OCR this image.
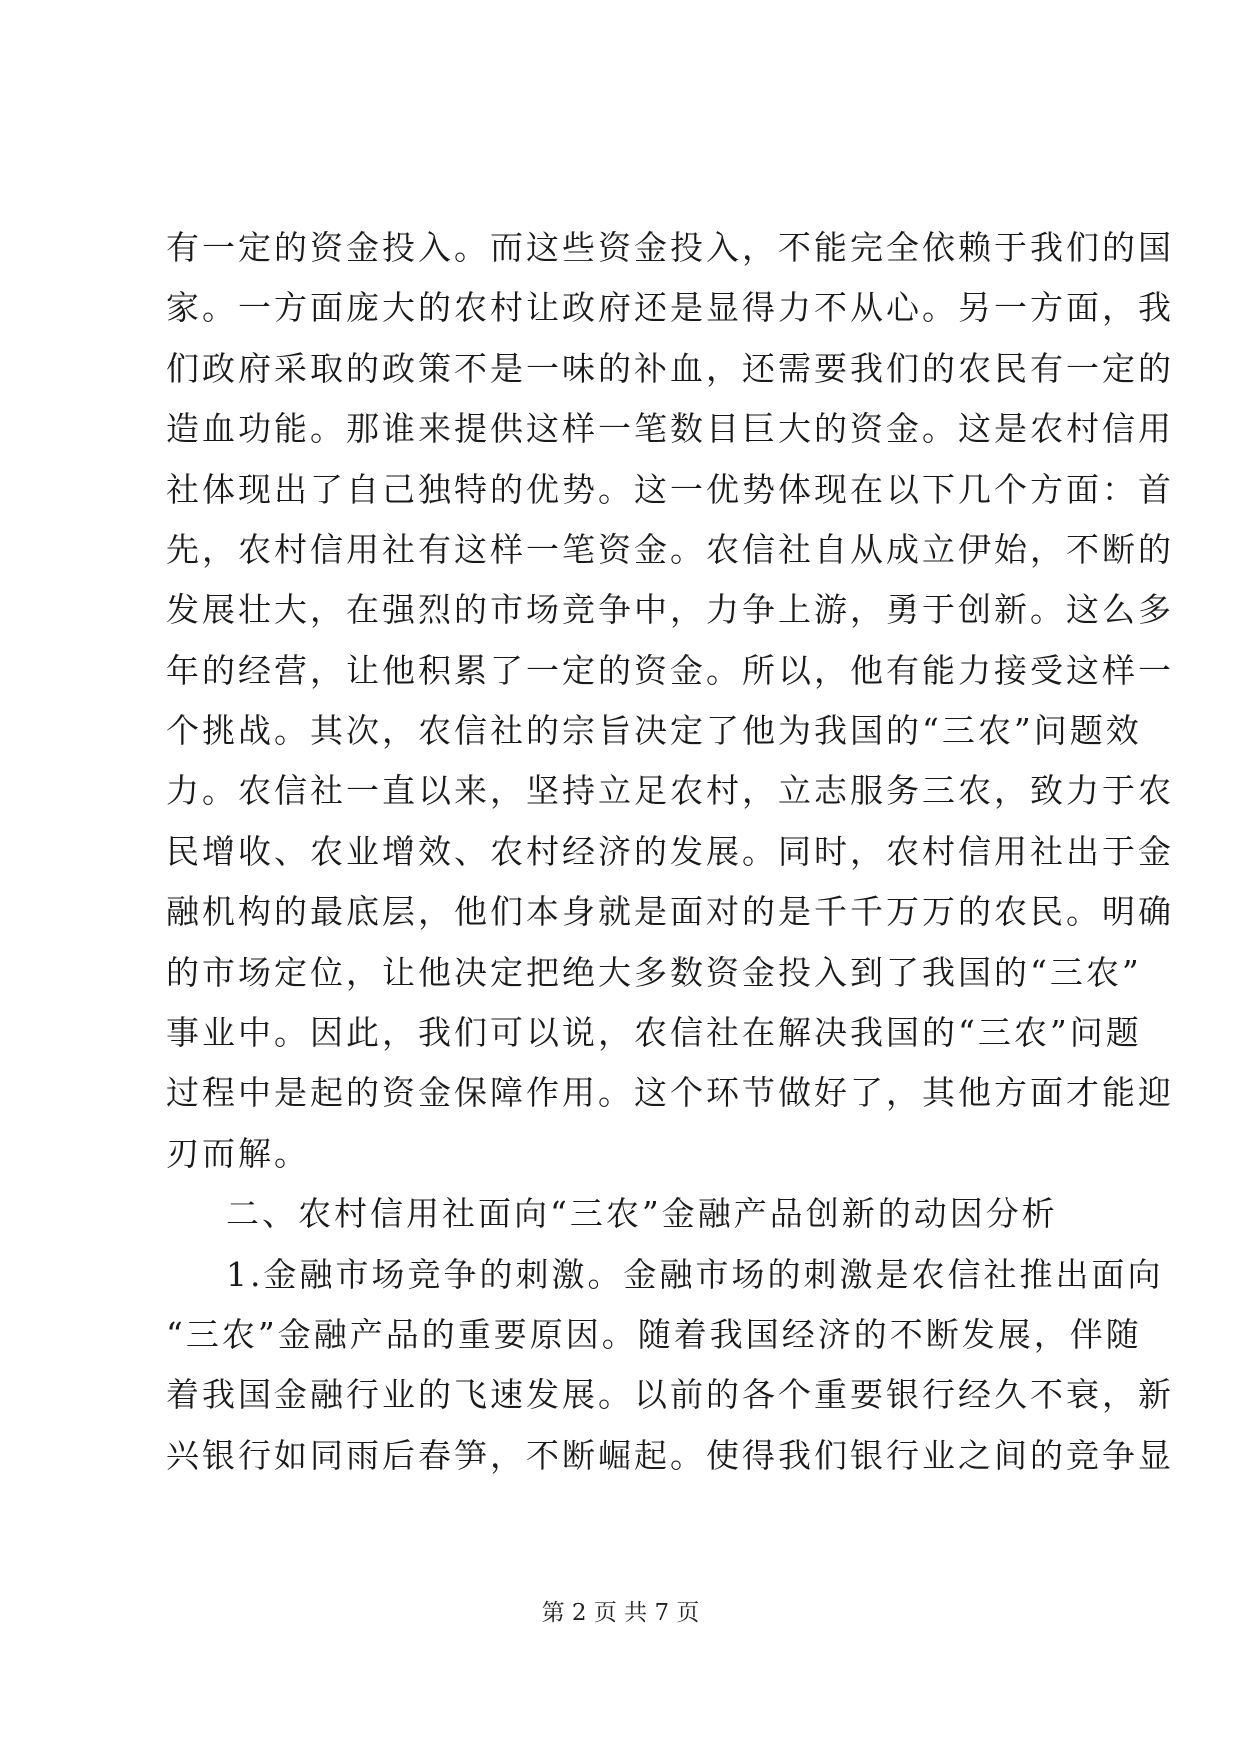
有一定的资金投入。而这些资金投入，不能完全依赖于我们的国
家。一方面庞大的农村让政府还是显得力不从心。另一方面，我
们政府采取的政策不是一味的补血，还需要我们的农民有一定的
造血功能。那谁来提供这样一笔数目巨大的资金。这是农村信用
社体现出了自己独特的优势。这一优势体现在以下几个方面：首
先，农村信用社有这样一笔资金。农信社自从成立伊始，不断的
发展壮大，在强烈的市场竞争中，力争上游，勇于创新。这么多
年的经营，让他积累了一定的资金。所以，他有能力接受这样一
个挑战。其次，农信社的宗旨决定了他为我国的“三农”问题效
力。农信社一直以来，坚持立足农村，立志服务三农，致力于农
民增收、农业增效、农村经济的发展。同时，农村信用社出于金
融机构的最底层，他们本身就是面对的是千千万万的农民。明确
的市场定位，让他决定把绝大多数资金投入到了我国的“三农”
事业中。因此，我们可以说，农信社在解决我国的“三农”问题
过程中是起的资金保障作用。这个环节做好了，其他方面才能迎
刃而解。
二、农村信用社面向“三农”金融产品创新的动因分析
1.金融市场竞争的刺激。金融市场的刺激是农信社推出面向
“三农”金融产品的重要原因。随着我国经济的不断发展，伴随
着我国金融行业的飞速发展。以前的各个重要银行经久不衰，新
兴银行如同雨后春笋，不断崛起。使得我们银行业之间的竞争显
第 2 页 共 7 页
